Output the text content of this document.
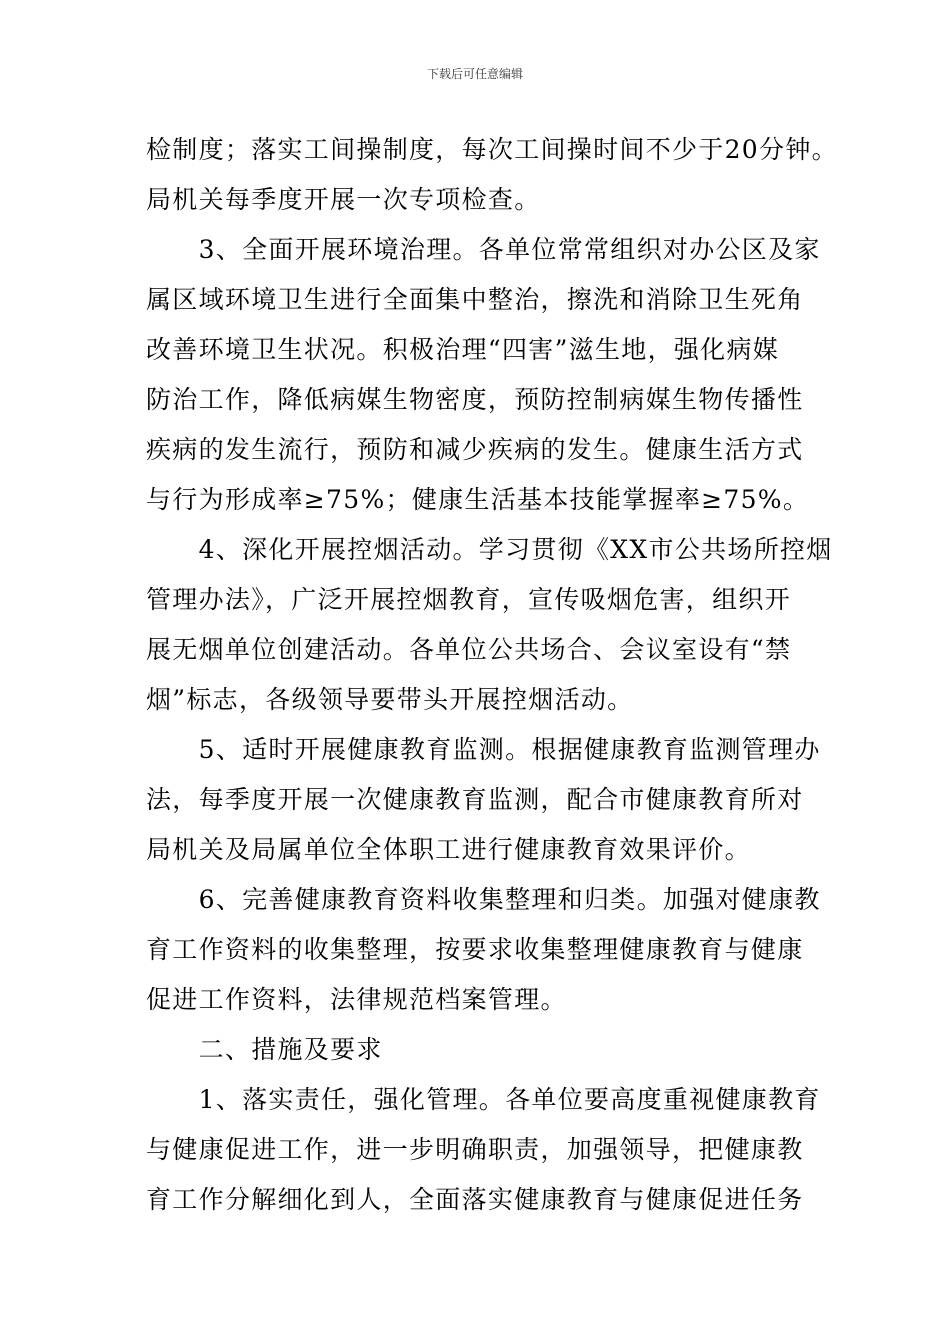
下载后可任意编辑

检制度；落实工间操制度，每次工间操时间不少于20分钟。

局机关每季度开展一次专项检查。

　　3、全面开展环境治理。各单位常常组织对办公区及家

属区域环境卫生进行全面集中整治，擦洗和消除卫生死角

改善环境卫生状况。积极治理“四害”滋生地，强化病媒

防治工作，降低病媒生物密度，预防控制病媒生物传播性

疾病的发生流行，预防和减少疾病的发生。健康生活方式

与行为形成率≥75%；健康生活基本技能掌握率≥75%。

　　4、深化开展控烟活动。学习贯彻《XX市公共场所控烟

管理办法》，广泛开展控烟教育，宣传吸烟危害，组织开

展无烟单位创建活动。各单位公共场合、会议室设有“禁

烟”标志，各级领导要带头开展控烟活动。

　　5、适时开展健康教育监测。根据健康教育监测管理办

法，每季度开展一次健康教育监测，配合市健康教育所对

局机关及局属单位全体职工进行健康教育效果评价。

　　6、完善健康教育资料收集整理和归类。加强对健康教

育工作资料的收集整理，按要求收集整理健康教育与健康

促进工作资料，法律规范档案管理。

　　二、措施及要求

　　1、落实责任，强化管理。各单位要高度重视健康教育

与健康促进工作，进一步明确职责，加强领导，把健康教

育工作分解细化到人，全面落实健康教育与健康促进任务
